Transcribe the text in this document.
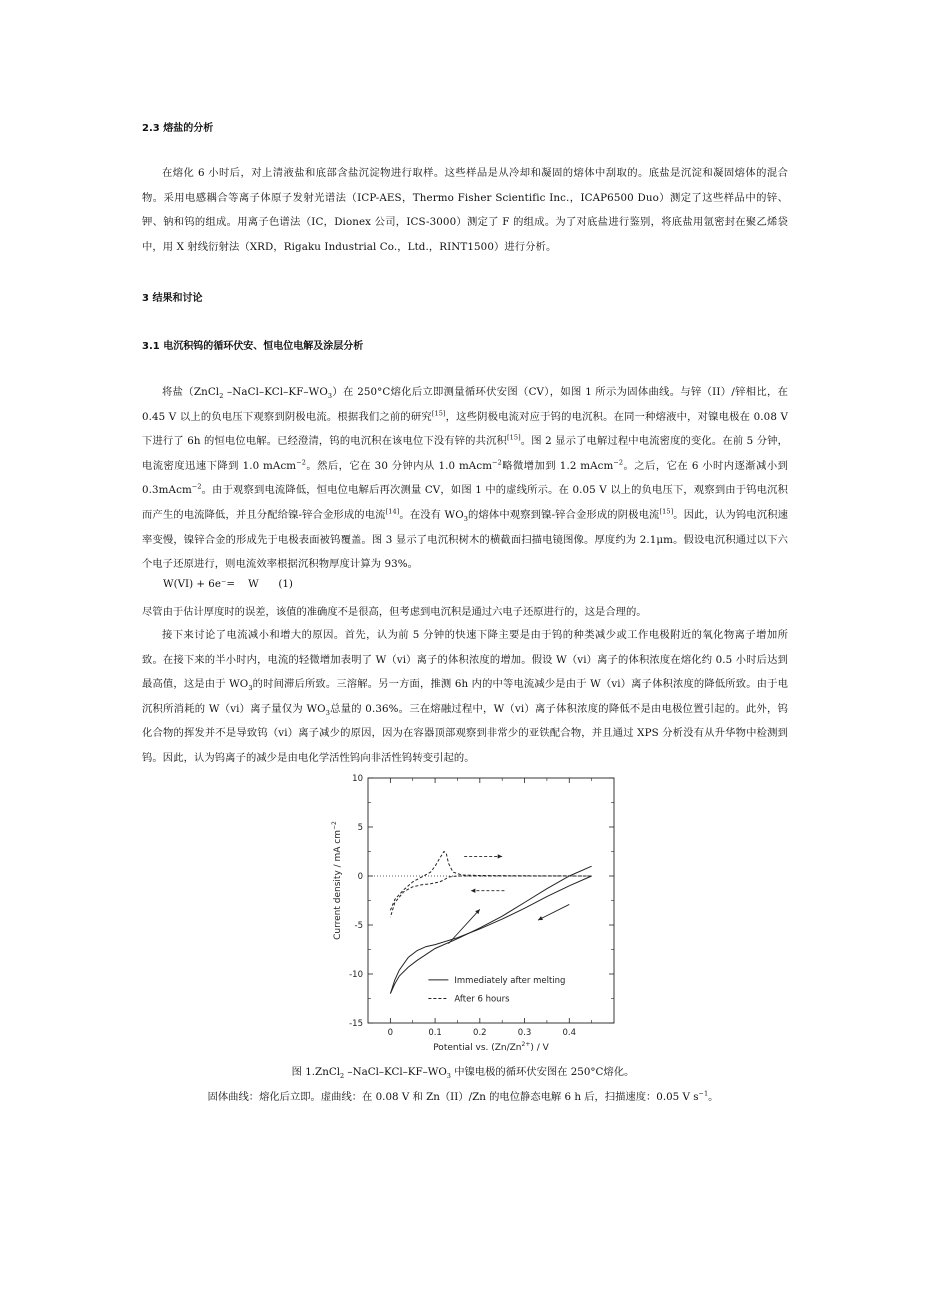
2.3 熔盐的分析

在熔化 6 小时后，对上清液盐和底部含盐沉淀物进行取样。这些样品是从冷却和凝固的熔体中刮取的。底盐是沉淀和凝固熔体的混合物。采用电感耦合等离子体原子发射光谱法（ICP-AES，Thermo Fisher Scientific Inc.，ICAP6500 Duo）测定了这些样品中的锌、钾、钠和钨的组成。用离子色谱法（IC，Dionex 公司，ICS-3000）测定了 F 的组成。为了对底盐进行鉴别，将底盐用氩密封在聚乙烯袋中，用 X 射线衍射法（XRD，Rigaku Industrial Co.，Ltd.，RINT1500）进行分析。

3 结果和讨论
3.1 电沉积钨的循环伏安、恒电位电解及涂层分析

将盐（ZnCl$_2$ $-NaCl-KCl-KF-WO_3$）在 250°C熔化后立即测量循环伏安图（CV），如图 1 所示为固体曲线。与锌（II）/锌相比，在 0.45 V 以上的负电压下观察到阴极电流。根据我们之前的研究[15]，这些阴极电流对应于钨的电沉积。在同一种熔液中，对镍电极在 0.08 V 下进行了 6h 的恒电位电解。已经澄清，钨的电沉积在该电位下没有锌的共沉积[15]。图 2 显示了电解过程中电流密度的变化。在前 5 分钟，电流密度迅速下降到 1.0 mAcm$^{-2}$。然后，它在 30 分钟内从 1.0 mAcm$^{-2}$略微增加到 1.2 mAcm$^{-2}$。之后，它在 6 小时内逐渐减小到 0.3mAcm$^{-2}$。由于观察到电流降低，恒电位电解后再次测量 CV，如图 1 中的虚线所示。在 0.05 V 以上的负电压下，观察到由于钨电沉积而产生的电流降低，并且分配给镍-锌合金形成的电流[14]。在没有 $WO_3$的熔体中观察到镍-锌合金形成的阴极电流[15]。因此，认为钨电沉积速率变慢，镍锌合金的形成先于电极表面被钨覆盖。图 3 显示了电沉积树木的横截面扫描电镜图像。厚度约为 2.1μm。假设电沉积通过以下六个电子还原进行，则电流效率根据沉积物厚度计算为 93%。

W(VI) + 6e⁻=    W      (1)
尽管由于估计厚度时的误差，该值的准确度不是很高，但考虑到电沉积是通过六电子还原进行的，这是合理的。

接下来讨论了电流减小和增大的原因。首先，认为前 5 分钟的快速下降主要是由于钨的种类减少或工作电极附近的氧化物离子增加所致。在接下来的半小时内，电流的轻微增加表明了 W（vi）离子的体积浓度的增加。假设 W（vi）离子的体积浓度在熔化约 0.5 小时后达到最高值，这是由于 $WO_3$的时间滞后所致。三溶解。另一方面，推测 6h 内的中等电流减少是由于 W（vi）离子体积浓度的降低所致。由于电沉积所消耗的 W（vi）离子量仅为 $WO_3$总量的 0.36%。三在熔融过程中，W（vi）离子体积浓度的降低不是由电极位置引起的。此外，钨化合物的挥发并不是导致钨（vi）离子减少的原因，因为在容器顶部观察到非常少的亚铁配合物，并且通过 XPS 分析没有从升华物中检测到钨。因此，认为钨离子的减少是由电化学活性钨向非活性钨转变引起的。

10
5
0
-5
-10
-15
0	0.1	0.2	0.3	0.4
Potential vs. $(Zn/Zn^{2+})$ / V
Current density / mA $cm^{-2}$
Immediately after melting
After 6 hours
图 1.ZnCl$_2$ $-NaCl-KCl-KF-WO_3$ 中镍电极的循环伏安图在 250°C熔化。
固体曲线：熔化后立即。虚曲线：在 0.08 V 和 Zn（II）/Zn 的电位静态电解 6 h 后，扫描速度：0.05 V $s^{-1}$。
